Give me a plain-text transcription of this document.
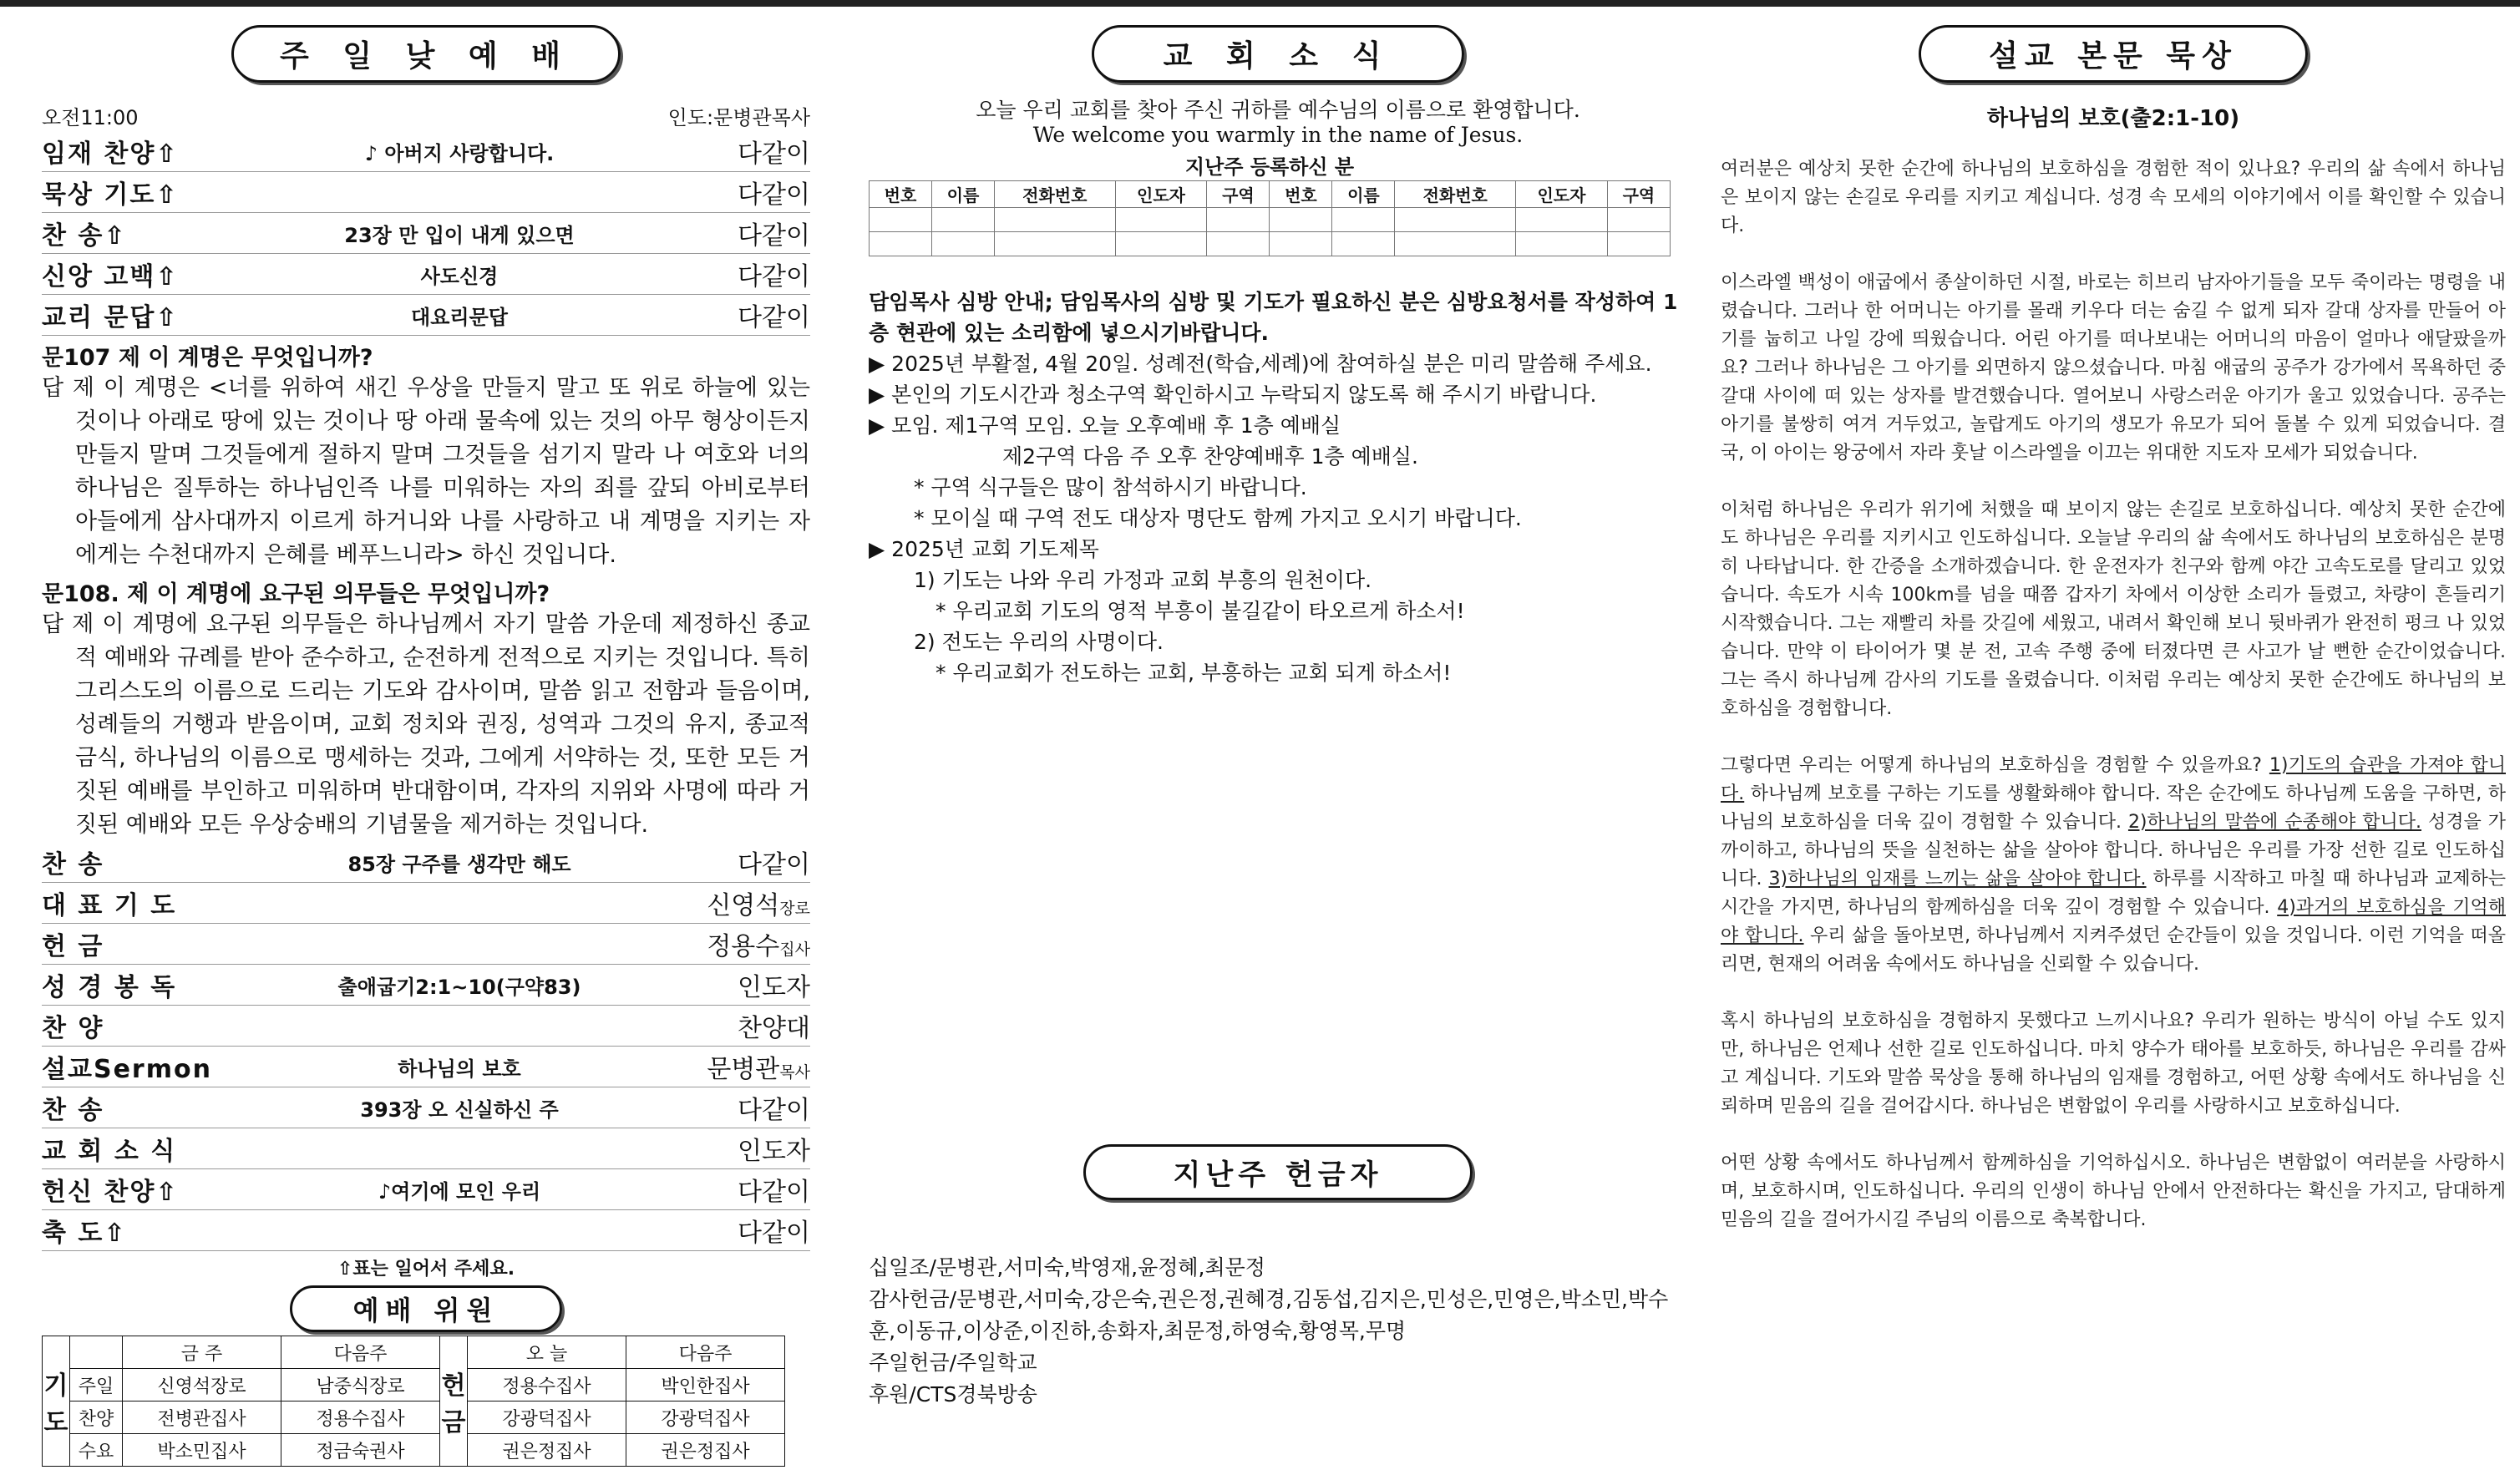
주 일 낮 예 배
오전11:00	인도:문병관목사
임재 찬양⇧	♪ 아버지 사랑합니다.	다같이
묵상 기도⇧	다같이
찬 송⇧	23장 만 입이 내게 있으면	다같이
신앙 고백⇧	사도신경	다같이
교리 문답⇧	대요리문답	다같이
문107 제 이 계명은 무엇입니까?

답 제 이 계명은 <너를 위하여 새긴 우상을 만들지 말고 또 위로 하늘에 있는 것이나 아래로 땅에 있는 것이나 땅 아래 물속에 있는 것의 아무 형상이든지 만들지 말며 그것들에게 절하지 말며 그것들을 섬기지 말라 나 여호와 너의 하나님은 질투하는 하나님인즉 나를 미워하는 자의 죄를 갚되 아비로부터 아들에게 삼사대까지 이르게 하거니와 나를 사랑하고 내 계명을 지키는 자에게는 수천대까지 은혜를 베푸느니라> 하신 것입니다.

문108. 제 이 계명에 요구된 의무들은 무엇입니까?

답 제 이 계명에 요구된 의무들은 하나님께서 자기 말씀 가운데 제정하신 종교적 예배와 규례를 받아 준수하고, 순전하게 전적으로 지키는 것입니다. 특히 그리스도의 이름으로 드리는 기도와 감사이며, 말씀 읽고 전함과 들음이며, 성례들의 거행과 받음이며, 교회 정치와 권징, 성역과 그것의 유지, 종교적 금식, 하나님의 이름으로 맹세하는 것과, 그에게 서약하는 것, 또한 모든 거짓된 예배를 부인하고 미워하며 반대함이며, 각자의 지위와 사명에 따라 거짓된 예배와 모든 우상숭배의 기념물을 제거하는 것입니다.

찬 송	85장 구주를 생각만 해도	다같이
대 표 기 도	신영석장로
헌 금	정용수집사
성 경 봉 독	출애굽기2:1~10(구약83)	인도자
찬 양	찬양대
설교Sermon	하나님의 보호	문병관목사
찬 송	393장 오 신실하신 주	다같이
교 회 소 식	인도자
헌신 찬양⇧	♪여기에 모인 우리	다같이
축 도⇧	다같이
⇧표는 일어서 주세요.
예배 위원
기도		금 주	다음주	헌금	오 늘	다음주
	주일	신영석장로	남중식장로		정용수집사	박인한집사
	찬양	전병관집사	정용수집사		강광덕집사	강광덕집사
	수요	박소민집사	정금숙권사		권은정집사	권은정집사
교 회 소 식
오늘 우리 교회를 찾아 주신 귀하를 예수님의 이름으로 환영합니다.
We welcome you warmly in the name of Jesus.
지난주 등록하신 분									
번호	이름	전화번호	인도자	구역	번호	이름	전화번호	인도자	구역

담임목사 심방 안내; 담임목사의 심방 및 기도가 필요하신 분은 심방요청서를 작성하여 1층 현관에 있는 소리함에 넣으시기바랍니다.

▶ 2025년 부활절, 4월 20일. 성례전(학습,세례)에 참여하실 분은 미리 말씀해 주세요.

▶ 본인의 기도시간과 청소구역 확인하시고 누락되지 않도록 해 주시기 바랍니다.

▶ 모임. 제1구역 모임. 오늘 오후예배 후 1층 예배실

제2구역 다음 주 오후 찬양예배후 1층 예배실.

* 구역 식구들은 많이 참석하시기 바랍니다.

* 모이실 때 구역 전도 대상자 명단도 함께 가지고 오시기 바랍니다.

▶ 2025년 교회 기도제목

1) 기도는 나와 우리 가정과 교회 부흥의 원천이다.

* 우리교회 기도의 영적 부흥이 불길같이 타오르게 하소서!

2) 전도는 우리의 사명이다.

* 우리교회가 전도하는 교회, 부흥하는 교회 되게 하소서!

지난주 헌금자

십일조/문병관,서미숙,박영재,윤정혜,최문정

감사헌금/문병관,서미숙,강은숙,권은정,권혜경,김동섭,김지은,민성은,민영은,박소민,박수훈,이동규,이상준,이진하,송화자,최문정,하영숙,황영목,무명

주일헌금/주일학교

후원/CTS경북방송

설교 본문 묵상
하나님의 보호(출2:1-10)

여러분은 예상치 못한 순간에 하나님의 보호하심을 경험한 적이 있나요? 우리의 삶 속에서 하나님은 보이지 않는 손길로 우리를 지키고 계십니다. 성경 속 모세의 이야기에서 이를 확인할 수 있습니다.

이스라엘 백성이 애굽에서 종살이하던 시절, 바로는 히브리 남자아기들을 모두 죽이라는 명령을 내렸습니다. 그러나 한 어머니는 아기를 몰래 키우다 더는 숨길 수 없게 되자 갈대 상자를 만들어 아기를 눕히고 나일 강에 띄웠습니다. 어린 아기를 떠나보내는 어머니의 마음이 얼마나 애달팠을까요? 그러나 하나님은 그 아기를 외면하지 않으셨습니다. 마침 애굽의 공주가 강가에서 목욕하던 중 갈대 사이에 떠 있는 상자를 발견했습니다. 열어보니 사랑스러운 아기가 울고 있었습니다. 공주는 아기를 불쌍히 여겨 거두었고, 놀랍게도 아기의 생모가 유모가 되어 돌볼 수 있게 되었습니다. 결국, 이 아이는 왕궁에서 자라 훗날 이스라엘을 이끄는 위대한 지도자 모세가 되었습니다.

이처럼 하나님은 우리가 위기에 처했을 때 보이지 않는 손길로 보호하십니다. 예상치 못한 순간에도 하나님은 우리를 지키시고 인도하십니다. 오늘날 우리의 삶 속에서도 하나님의 보호하심은 분명히 나타납니다. 한 간증을 소개하겠습니다. 한 운전자가 친구와 함께 야간 고속도로를 달리고 있었습니다. 속도가 시속 100km를 넘을 때쯤 갑자기 차에서 이상한 소리가 들렸고, 차량이 흔들리기 시작했습니다. 그는 재빨리 차를 갓길에 세웠고, 내려서 확인해 보니 뒷바퀴가 완전히 펑크 나 있었습니다. 만약 이 타이어가 몇 분 전, 고속 주행 중에 터졌다면 큰 사고가 날 뻔한 순간이었습니다. 그는 즉시 하나님께 감사의 기도를 올렸습니다. 이처럼 우리는 예상치 못한 순간에도 하나님의 보호하심을 경험합니다.

그렇다면 우리는 어떻게 하나님의 보호하심을 경험할 수 있을까요? 1)기도의 습관을 가져야 합니다. 하나님께 보호를 구하는 기도를 생활화해야 합니다. 작은 순간에도 하나님께 도움을 구하면, 하나님의 보호하심을 더욱 깊이 경험할 수 있습니다. 2)하나님의 말씀에 순종해야 합니다. 성경을 가까이하고, 하나님의 뜻을 실천하는 삶을 살아야 합니다. 하나님은 우리를 가장 선한 길로 인도하십니다. 3)하나님의 임재를 느끼는 삶을 살아야 합니다. 하루를 시작하고 마칠 때 하나님과 교제하는 시간을 가지면, 하나님의 함께하심을 더욱 깊이 경험할 수 있습니다. 4)과거의 보호하심을 기억해야 합니다. 우리 삶을 돌아보면, 하나님께서 지켜주셨던 순간들이 있을 것입니다. 이런 기억을 떠올리면, 현재의 어려움 속에서도 하나님을 신뢰할 수 있습니다.

혹시 하나님의 보호하심을 경험하지 못했다고 느끼시나요? 우리가 원하는 방식이 아닐 수도 있지만, 하나님은 언제나 선한 길로 인도하십니다. 마치 양수가 태아를 보호하듯, 하나님은 우리를 감싸고 계십니다. 기도와 말씀 묵상을 통해 하나님의 임재를 경험하고, 어떤 상황 속에서도 하나님을 신뢰하며 믿음의 길을 걸어갑시다. 하나님은 변함없이 우리를 사랑하시고 보호하십니다.

어떤 상황 속에서도 하나님께서 함께하심을 기억하십시오. 하나님은 변함없이 여러분을 사랑하시며, 보호하시며, 인도하십니다. 우리의 인생이 하나님 안에서 안전하다는 확신을 가지고, 담대하게 믿음의 길을 걸어가시길 주님의 이름으로 축복합니다.
